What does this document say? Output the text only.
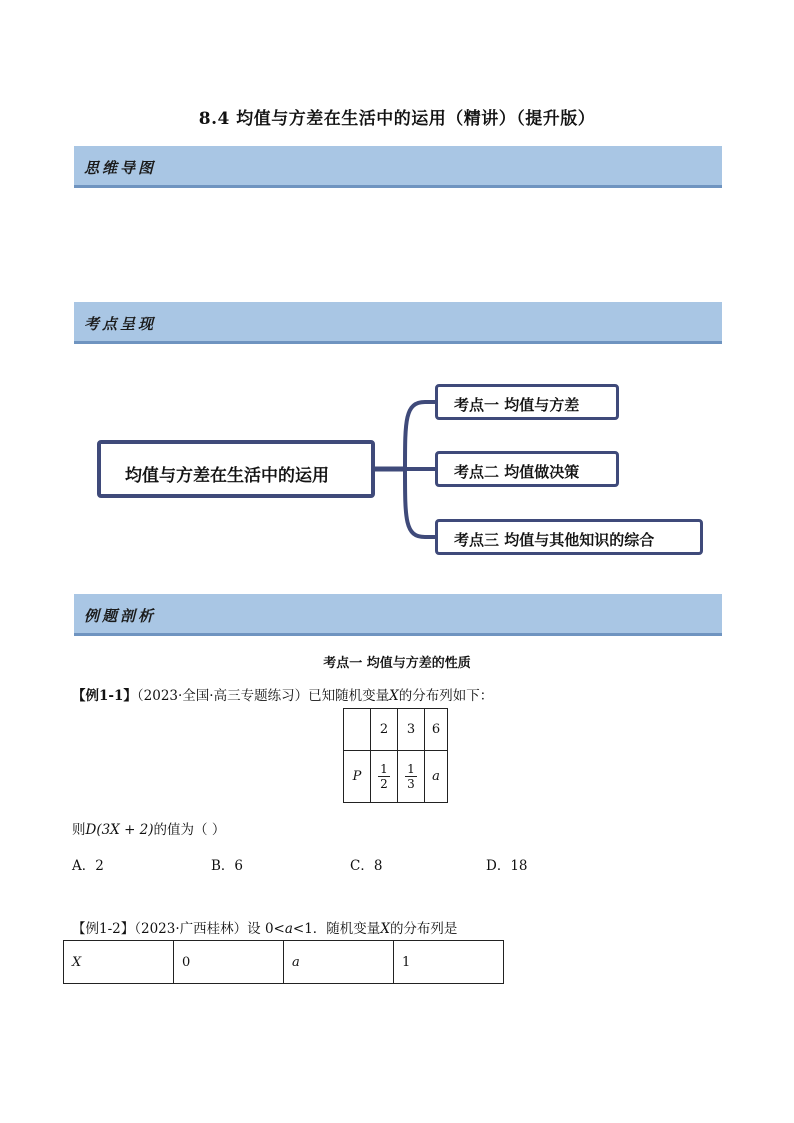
8.4 均值与方差在生活中的运用（精讲）（提升版）
思维导图
考点呈现
均值与方差在生活中的运用
考点一 均值与方差
考点二 均值做决策
考点三 均值与其他知识的综合
例题剖析
考点一 均值与方差的性质
【例1-1】（2023·全国·高三专题练习）已知随机变量X的分布列如下：
	2	3	6
P	$\frac{1}{2}$	$\frac{1}{3}$	a
则D(3X + 2)的值为（ ）
A．2	B．6	C．8	D．18
【例1-2】（2023·广西桂林）设 0<a<1．随机变量X的分布列是
X	0	a	1
